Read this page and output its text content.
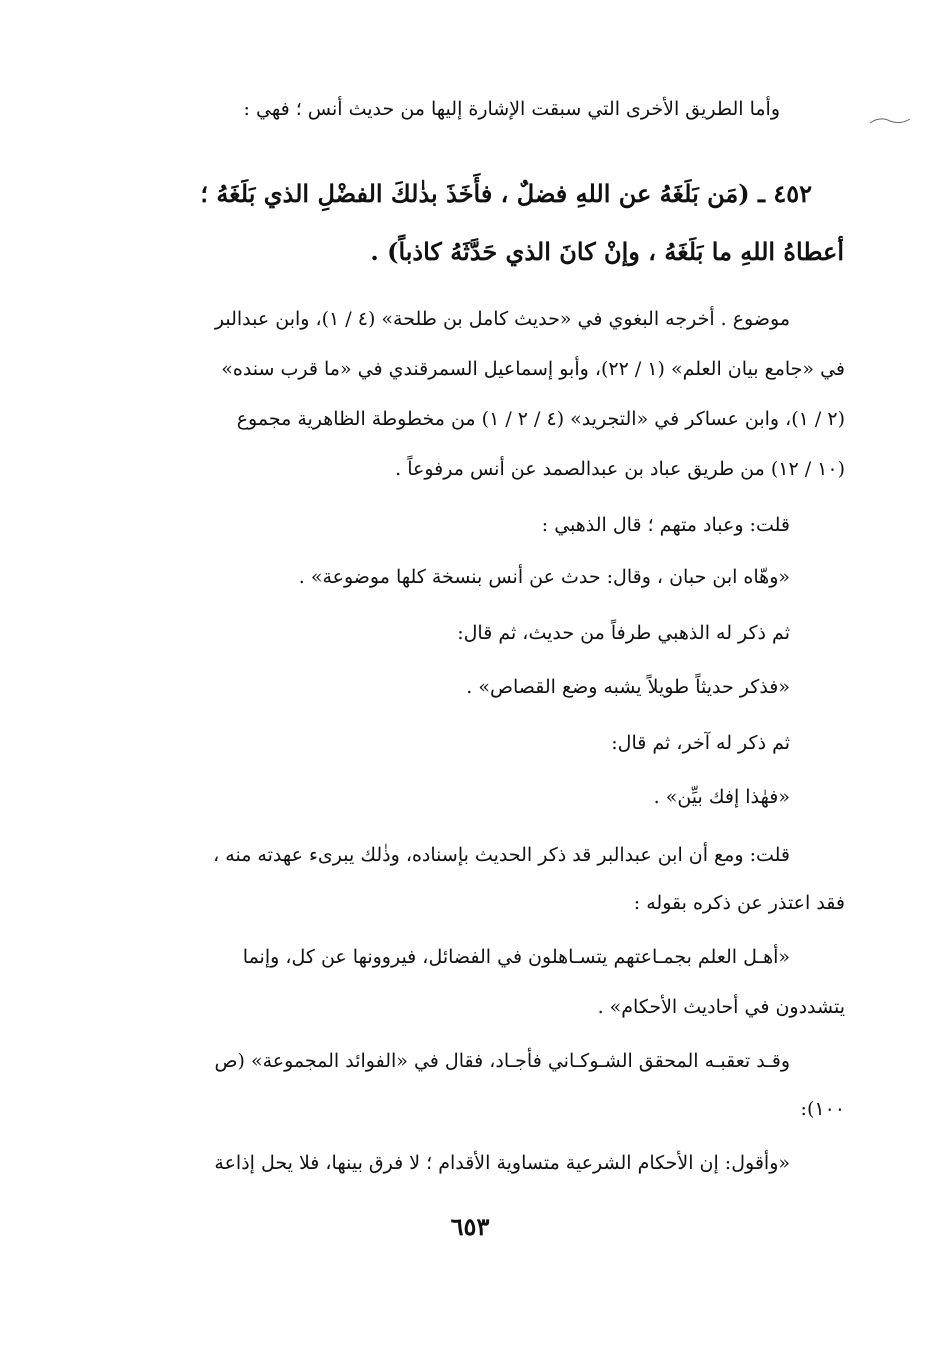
وأما الطريق الأخرى التي سبقت الإشارة إليها من حديث أنس ؛ فهي :
٤٥٢ ـ (مَن بَلَغَهُ عن اللهِ فضلٌ ، فأَخَذَ بذٰلكَ الفضْلِ الذي بَلَغَهُ ؛
أعطاهُ اللهِ ما بَلَغَهُ ، وإنْ كانَ الذي حَدَّثَهُ كاذباً) .
موضوع . أخرجه البغوي في «حديث كامل بن طلحة» (٤ / ١)، وابن عبدالبر
في «جامع بيان العلم» (١ / ٢٢)، وأبو إسماعيل السمرقندي في «ما قرب سنده»
(٢ / ١)، وابن عساكر في «التجريد» (٤ / ٢ / ١) من مخطوطة الظاهرية مجموع
(١٠ / ١٢) من طريق عباد بن عبدالصمد عن أنس مرفوعاً .
قلت: وعباد متهم ؛ قال الذهبي :
«وهّاه ابن حبان ، وقال: حدث عن أنس بنسخة كلها موضوعة» .
ثم ذكر له الذهبي طرفاً من حديث، ثم قال:
«فذكر حديثاً طويلاً يشبه وضع القصاص» .
ثم ذكر له آخر، ثم قال:
«فهٰذا إفك بيِّن» .
قلت: ومع أن ابن عبدالبر قد ذكر الحديث بإسناده، وذٰلك يبرىء عهدته منه ،
فقد اعتذر عن ذكره بقوله :
«أهـل العلم بجمـاعتهم يتسـاهلون في الفضائل، فيروونها عن كل، وإنما
يتشددون في أحاديث الأحكام» .
وقـد تعقبـه المحقق الشـوكـاني فأجـاد، فقال في «الفوائد المجموعة» (ص
١٠٠):
«وأقول: إن الأحكام الشرعية متساوية الأقدام ؛ لا فرق بينها، فلا يحل إذاعة
٦٥٣
